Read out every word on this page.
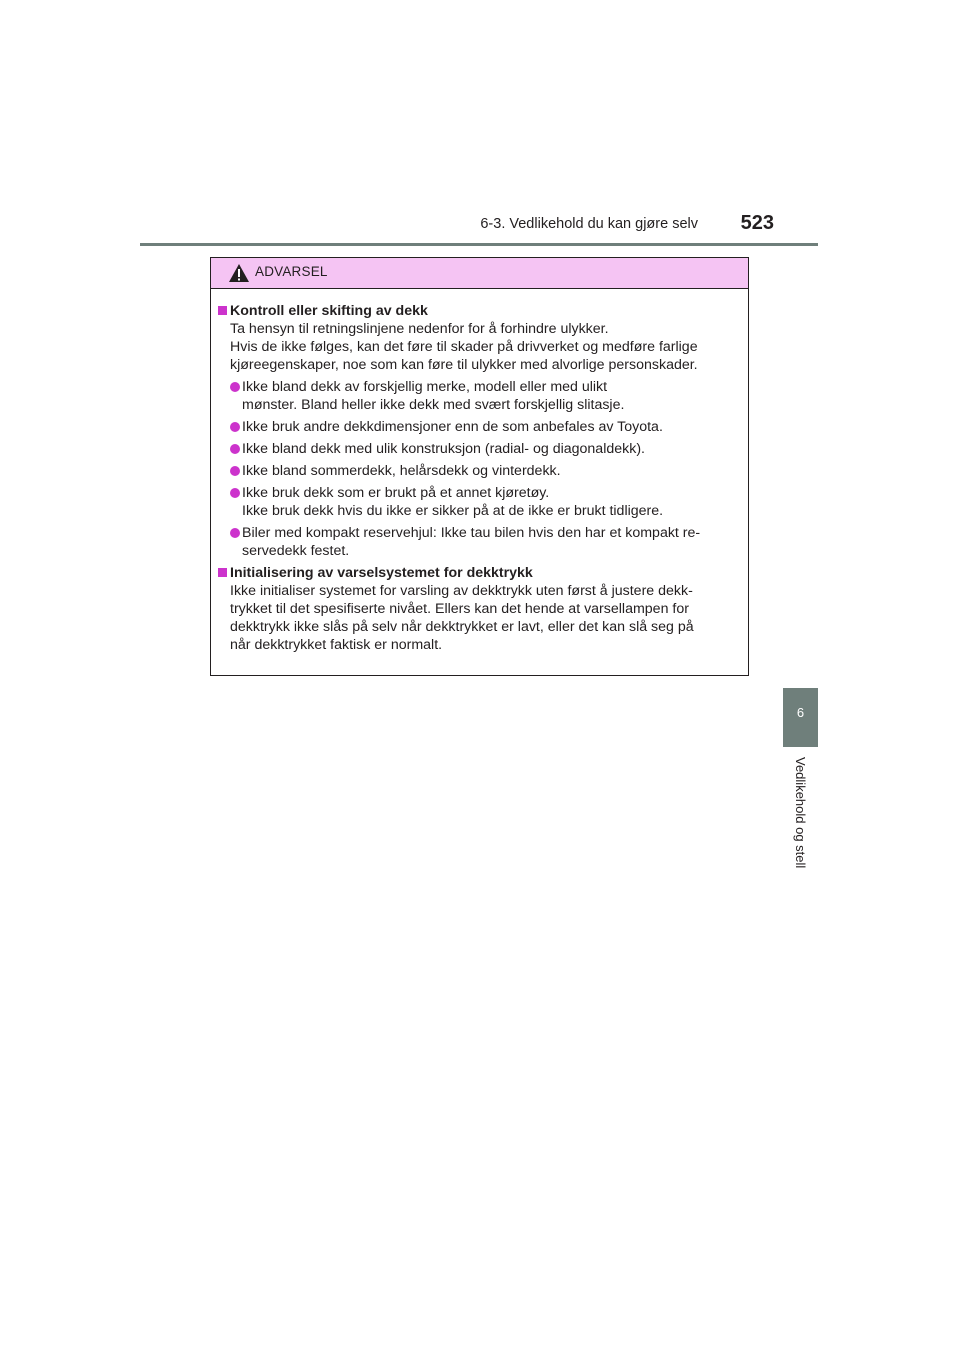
6-3. Vedlikehold du kan gjøre selv	523
6
Vedlikehold og stell
ADVARSEL
Kontroll eller skifting av dekk
Ta hensyn til retningslinjene nedenfor for å forhindre ulykker.
Hvis de ikke følges, kan det føre til skader på drivverket og medføre farlige
kjøreegenskaper, noe som kan føre til ulykker med alvorlige personskader.
Ikke bland dekk av forskjellig merke, modell eller med ulikt
mønster. Bland heller ikke dekk med svært forskjellig slitasje.
Ikke bruk andre dekkdimensjoner enn de som anbefales av Toyota.
Ikke bland dekk med ulik konstruksjon (radial- og diagonaldekk).
Ikke bland sommerdekk, helårsdekk og vinterdekk.
Ikke bruk dekk som er brukt på et annet kjøretøy.
Ikke bruk dekk hvis du ikke er sikker på at de ikke er brukt tidligere.
Biler med kompakt reservehjul: Ikke tau bilen hvis den har et kompakt re-
servedekk festet.
Initialisering av varselsystemet for dekktrykk
Ikke initialiser systemet for varsling av dekktrykk uten først å justere dekk-
trykket til det spesifiserte nivået. Ellers kan det hende at varsellampen for
dekktrykk ikke slås på selv når dekktrykket er lavt, eller det kan slå seg på
når dekktrykket faktisk er normalt.
